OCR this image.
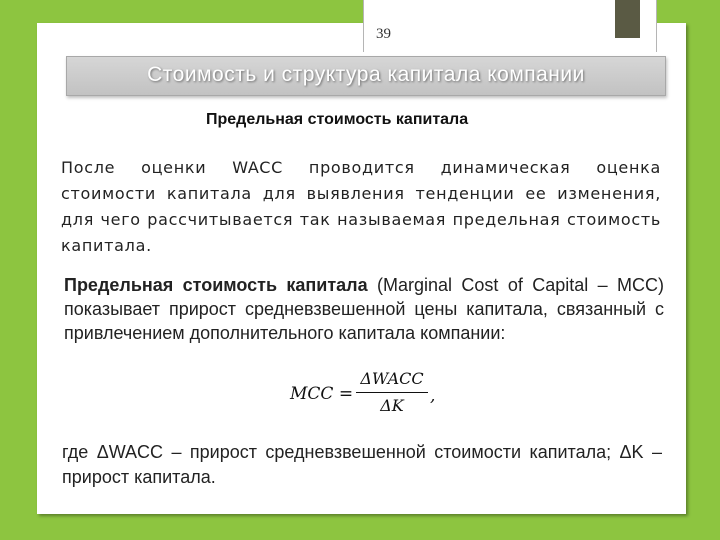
39
Стоимость и структура капитала компании
Предельная стоимость капитала
После оценки WACC проводится динамическая оценка стоимости капитала для выявления тенденции ее изменения, для чего рассчитывается так называемая предельная стоимость капитала.
Предельная стоимость капитала (Marginal Cost of Capital – MCC) показывает прирост средневзвешенной цены капитала, связанный с привлечением дополнительного капитала компании:
MCC =
ΔWACC
ΔK	,
где ΔWACC – прирост средневзвешенной стоимости капитала; ΔK – прирост капитала.
